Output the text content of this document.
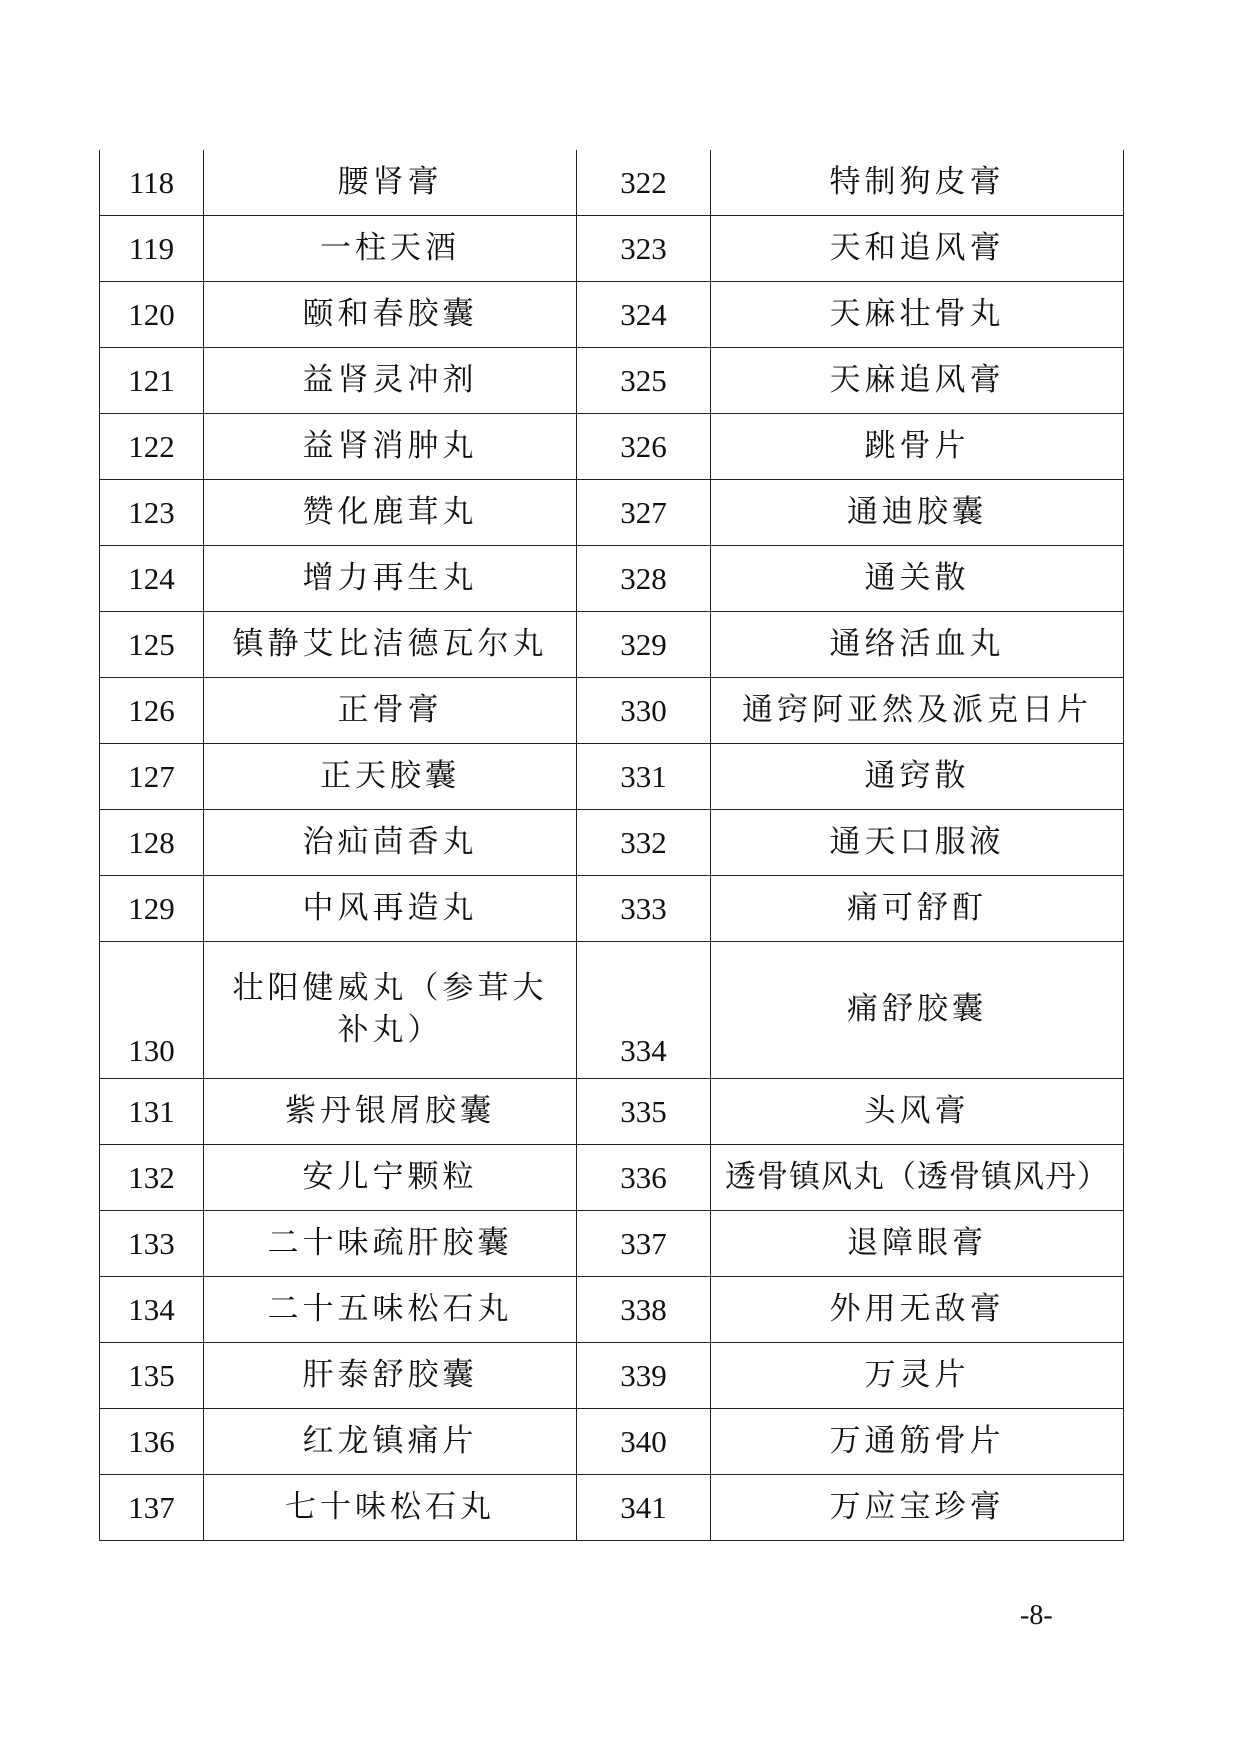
118	腰肾膏	322	特制狗皮膏
119	一柱天酒	323	天和追风膏
120	颐和春胶囊	324	天麻壮骨丸
121	益肾灵冲剂	325	天麻追风膏
122	益肾消肿丸	326	跳骨片
123	赞化鹿茸丸	327	通迪胶囊
124	增力再生丸	328	通关散
125	镇静艾比洁德瓦尔丸	329	通络活血丸
126	正骨膏	330	通窍阿亚然及派克日片
127	正天胶囊	331	通窍散
128	治疝茴香丸	332	通天口服液
129	中风再造丸	333	痛可舒酊
130	壮阳健威丸（参茸大补丸）	334	痛舒胶囊
131	紫丹银屑胶囊	335	头风膏
132	安儿宁颗粒	336	透骨镇风丸（透骨镇风丹）
133	二十味疏肝胶囊	337	退障眼膏
134	二十五味松石丸	338	外用无敌膏
135	肝泰舒胶囊	339	万灵片
136	红龙镇痛片	340	万通筋骨片
137	七十味松石丸	341	万应宝珍膏
-8-
